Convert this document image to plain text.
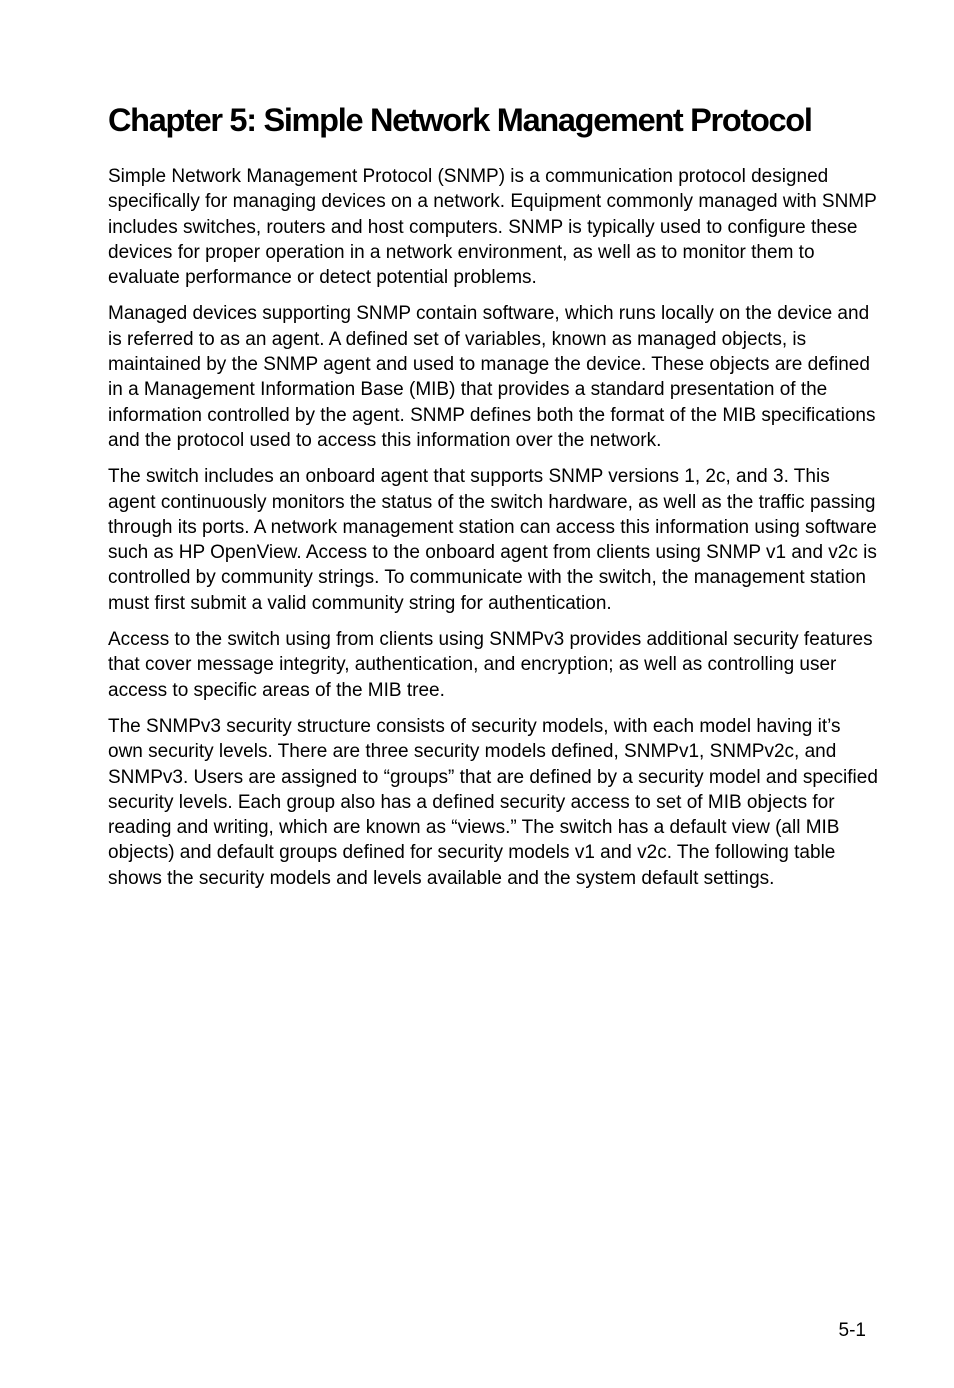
Chapter 5: Simple Network Management Protocol

Simple Network Management Protocol (SNMP) is a communication protocol designed specifically for managing devices on a network. Equipment commonly managed with SNMP includes switches, routers and host computers. SNMP is typically used to configure these devices for proper operation in a network environment, as well as to monitor them to evaluate performance or detect potential problems.

Managed devices supporting SNMP contain software, which runs locally on the device and is referred to as an agent. A defined set of variables, known as managed objects, is maintained by the SNMP agent and used to manage the device. These objects are defined in a Management Information Base (MIB) that provides a standard presentation of the information controlled by the agent. SNMP defines both the format of the MIB specifications and the protocol used to access this information over the network.

The switch includes an onboard agent that supports SNMP versions 1, 2c, and 3. This agent continuously monitors the status of the switch hardware, as well as the traffic passing through its ports. A network management station can access this information using software such as HP OpenView. Access to the onboard agent from clients using SNMP v1 and v2c is controlled by community strings. To communicate with the switch, the management station must first submit a valid community string for authentication.

Access to the switch using from clients using SNMPv3 provides additional security features that cover message integrity, authentication, and encryption; as well as controlling user access to specific areas of the MIB tree.

The SNMPv3 security structure consists of security models, with each model having it’s own security levels. There are three security models defined, SNMPv1, SNMPv2c, and SNMPv3. Users are assigned to “groups” that are defined by a security model and specified security levels. Each group also has a defined security access to set of MIB objects for reading and writing, which are known as “views.” The switch has a default view (all MIB objects) and default groups defined for security models v1 and v2c. The following table shows the security models and levels available and the system default settings.

5-1
